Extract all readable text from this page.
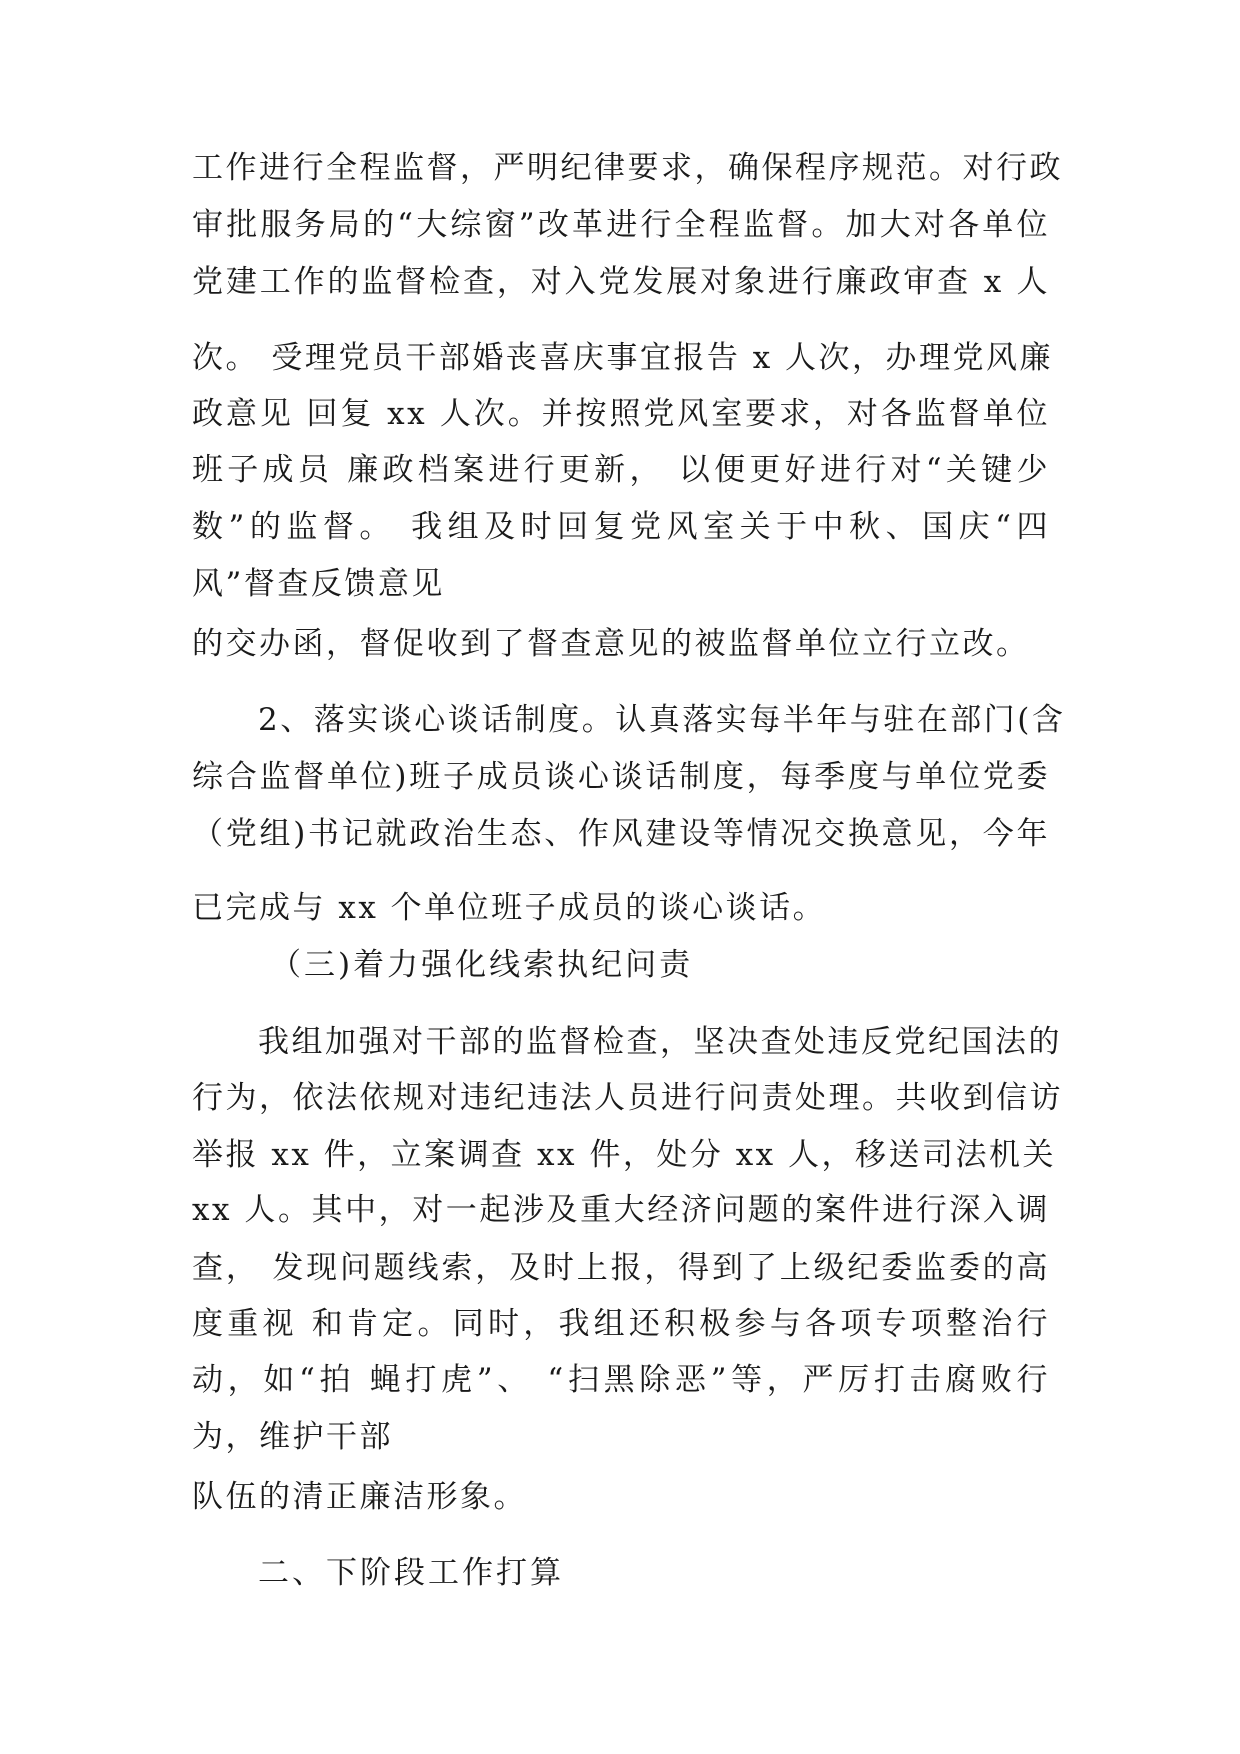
工作进行全程监督，严明纪律要求，确保程序规范。对行政
审批服务局的“大综窗”改革进行全程监督。加大对各单位
党建工作的监督检查，对入党发展对象进行廉政审查 x 人
次。 受理党员干部婚丧喜庆事宜报告 x 人次，办理党风廉
政意见 回复 xx 人次。并按照党风室要求，对各监督单位
班子成员 廉政档案进行更新， 以便更好进行对“关键少
数”的监督。 我组及时回复党风室关于中秋、国庆“四
风”督查反馈意见
的交办函，督促收到了督查意见的被监督单位立行立改。
2、落实谈心谈话制度。认真落实每半年与驻在部门(含
综合监督单位)班子成员谈心谈话制度，每季度与单位党委
（党组)书记就政治生态、作风建设等情况交换意见，今年
已完成与 xx 个单位班子成员的谈心谈话。
（三)着力强化线索执纪问责
我组加强对干部的监督检查，坚决查处违反党纪国法的
行为，依法依规对违纪违法人员进行问责处理。共收到信访
举报 xx 件，立案调查 xx 件，处分 xx 人，移送司法机关
xx 人。其中，对一起涉及重大经济问题的案件进行深入调
查， 发现问题线索，及时上报，得到了上级纪委监委的高
度重视 和肯定。同时，我组还积极参与各项专项整治行
动，如“拍 蝇打虎”、 “扫黑除恶”等，严厉打击腐败行
为，维护干部
队伍的清正廉洁形象。
二、下阶段工作打算
